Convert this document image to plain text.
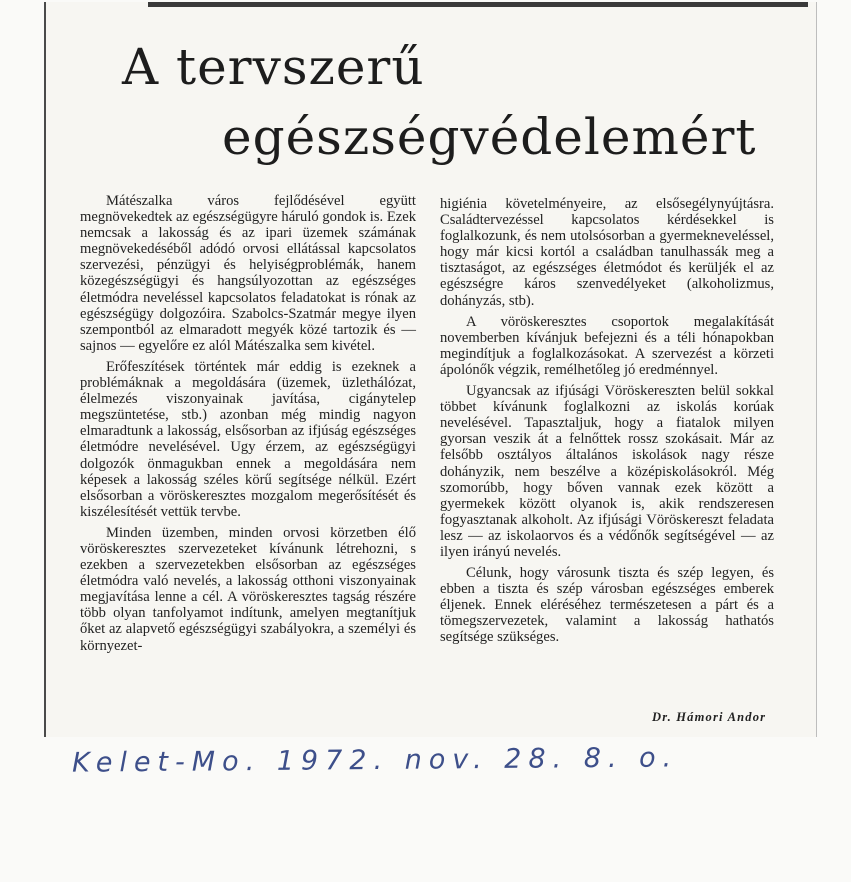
A tervszerű
egészségvédelemért

Mátészalka város fejlődésével együtt megnövekedtek az egészségügyre háruló gondok is. Ezek nemcsak a lakosság és az ipari üzemek számának megnövekedéséből adódó orvosi ellátással kapcsolatos szervezési, pénzügyi és helyiségproblémák, hanem közegészségügyi és hangsúlyozottan az egészséges életmódra neveléssel kapcsolatos feladatokat is rónak az egészségügy dolgozóira. Szabolcs-Szatmár megye ilyen szempontból az elmaradott megyék közé tartozik és — sajnos — egyelőre ez alól Mátészalka sem kivétel.

Erőfeszítések történtek már eddig is ezeknek a problémáknak a megoldására (üzemek, üzlethálózat, élelmezés viszonyainak javítása, cigánytelep megszüntetése, stb.) azonban még mindig nagyon elmaradtunk a lakosság, elsősorban az ifjúság egészséges életmódre nevelésével. Ugy érzem, az egészségügyi dolgozók önmagukban ennek a megoldására nem képesek a lakosság széles körű segítsége nélkül. Ezért elsősorban a vöröskeresztes mozgalom megerősítését és kiszélesítését vettük tervbe.

Minden üzemben, minden orvosi körzetben élő vöröskeresztes szervezeteket kívánunk létrehozni, s ezekben a szervezetekben elsősorban az egészséges életmódra való nevelés, a lakosság otthoni viszonyainak megjavítása lenne a cél. A vöröskeresztes tagság részére több olyan tanfolyamot indítunk, amelyen megtanítjuk őket az alapvető egészségügyi szabályokra, a személyi és környezet-

higiénia követelményeire, az elsősegélynyújtásra. Családtervezéssel kapcsolatos kérdésekkel is foglalkozunk, és nem utolsósorban a gyermekneveléssel, hogy már kicsi kortól a családban tanulhassák meg a tisztaságot, az egészséges életmódot és kerüljék el az egészségre káros szenvedélyeket (alkoholizmus, dohányzás, stb).

A vöröskeresztes csoportok megalakítását novemberben kívánjuk befejezni és a téli hónapokban megindítjuk a foglalkozásokat. A szervezést a körzeti ápolónők végzik, remélhetőleg jó eredménnyel.

Ugyancsak az ifjúsági Vöröskereszten belül sokkal többet kívánunk foglalkozni az iskolás korúak nevelésével. Tapasztaljuk, hogy a fiatalok milyen gyorsan veszik át a felnőttek rossz szokásait. Már az felsőbb osztályos általános iskolások nagy része dohányzik, nem beszélve a középiskolásokról. Még szomorúbb, hogy bőven vannak ezek között a gyermekek között olyanok is, akik rendszeresen fogyasztanak alkoholt. Az ifjúsági Vöröskereszt feladata lesz — az iskolaorvos és a védőnők segítségével — az ilyen irányú nevelés.

Célunk, hogy városunk tiszta és szép legyen, és ebben a tiszta és szép városban egészséges emberek éljenek. Ennek eléréséhez természetesen a párt és a tömegszervezetek, valamint a lakosság hathatós segítsége szükséges.

Dr. Hámori Andor
Kelet-Mo. 1972. nov. 28. 8. o.
